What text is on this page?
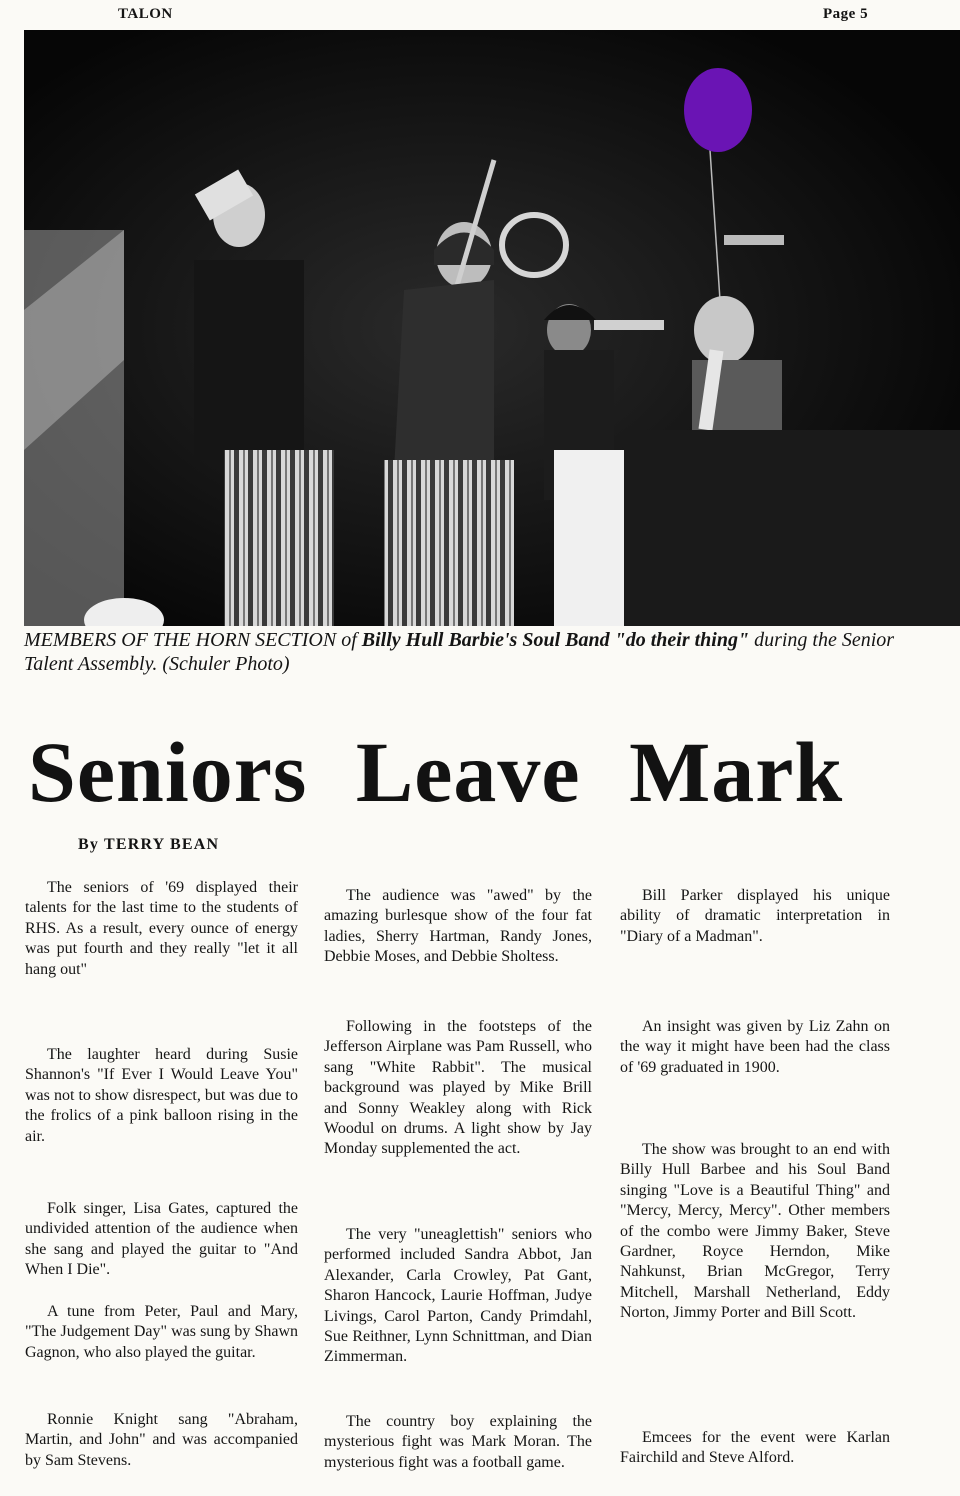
TALON	Page 5
MEMBERS OF THE HORN SECTION of Billy Hull Barbie's Soul Band "do their thing" during the Senior Talent Assembly. (Schuler Photo)
Seniors Leave Mark
By TERRY BEAN

The seniors of '69 displayed their talents for the last time to the students of RHS. As a result, every ounce of energy was put fourth and they really "let it all hang out"

The laughter heard during Susie Shannon's "If Ever I Would Leave You" was not to show disrespect, but was due to the frolics of a pink balloon rising in the air.

Folk singer, Lisa Gates, captured the undivided attention of the audience when she sang and played the guitar to "And When I Die".

A tune from Peter, Paul and Mary, "The Judgement Day" was sung by Shawn Gagnon, who also played the guitar.

Ronnie Knight sang "Abraham, Martin, and John" and was accompanied by Sam Stevens.

The audience was "awed" by the amazing burlesque show of the four fat ladies, Sherry Hartman, Randy Jones, Debbie Moses, and Debbie Sholtess.

Following in the footsteps of the Jefferson Airplane was Pam Russell, who sang "White Rabbit". The musical background was played by Mike Brill and Sonny Weakley along with Rick Woodul on drums. A light show by Jay Monday supplemented the act.

The very "uneaglettish" seniors who performed included Sandra Abbot, Jan Alexander, Carla Crowley, Pat Gant, Sharon Hancock, Laurie Hoffman, Judye Livings, Carol Parton, Candy Primdahl, Sue Reithner, Lynn Schnittman, and Dian Zimmerman.

The country boy explaining the mysterious fight was Mark Moran. The mysterious fight was a football game.

Bill Parker displayed his unique ability of dramatic interpretation in "Diary of a Madman".

An insight was given by Liz Zahn on the way it might have been had the class of '69 graduated in 1900.

The show was brought to an end with Billy Hull Barbee and his Soul Band singing "Love is a Beautiful Thing" and "Mercy, Mercy, Mercy". Other members of the combo were Jimmy Baker, Steve Gardner, Royce Herndon, Mike Nahkunst, Brian McGregor, Terry Mitchell, Marshall Netherland, Eddy Norton, Jimmy Porter and Bill Scott.

Emcees for the event were Karlan Fairchild and Steve Alford.
